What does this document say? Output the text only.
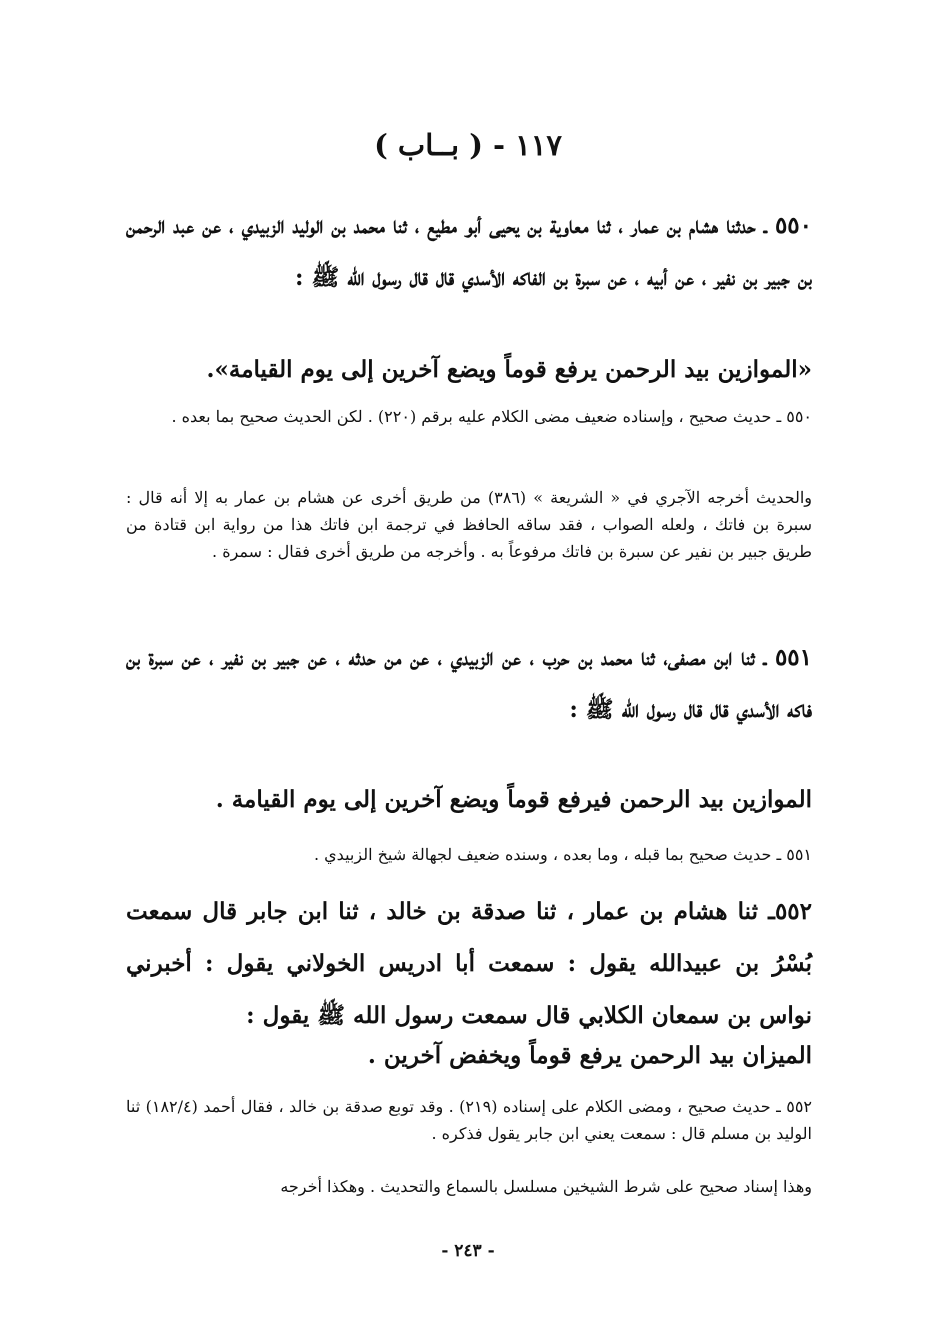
١١٧ - ( بــاب )
٥٥٠ ـ حدثنا هشام بن عمار ، ثنا معاوية بن يحيى أبو مطيع ، ثنا محمد بن الوليد الزبيدي ، عن عبد الرحمن بن جبير بن نفير ، عن أبيه ، عن سبرة بن الفاكه الأسدي قال قال رسول الله ﷺ :
«الموازين بيد الرحمن يرفع قوماً ويضع آخرين إلى يوم القيامة».
٥٥٠ ـ حديث صحيح ، وإسناده ضعيف مضى الكلام عليه برقم (٢٢٠) . لكن الحديث صحيح بما بعده .
والحديث أخرجه الآجري في « الشريعة » (٣٨٦) من طريق أخرى عن هشام بن عمار به إلا أنه قال : سبرة بن فاتك ، ولعله الصواب ، فقد ساقه الحافظ في ترجمة ابن فاتك هذا من رواية ابن قتادة من طريق جبير بن نفير عن سبرة بن فاتك مرفوعاً به . وأخرجه من طريق أخرى فقال : سمرة .
٥٥١ ـ ثنا ابن مصفى، ثنا محمد بن حرب ، عن الزبيدي ، عن من حدثه ، عن جبير بن نفير ، عن سبرة بن فاكه الأسدي قال قال رسول الله ﷺ :
الموازين بيد الرحمن فيرفع قوماً ويضع آخرين إلى يوم القيامة .
٥٥١ ـ حديث صحيح بما قبله ، وما بعده ، وسنده ضعيف لجهالة شيخ الزبيدي .
٥٥٢ـ ثنا هشام بن عمار ، ثنا صدقة بن خالد ، ثنا ابن جابر قال سمعت بُسْرُ بن عبيدالله يقول : سمعت أبا ادريس الخولاني يقول : أخبرني نواس بن سمعان الكلابي قال سمعت رسول الله ﷺ يقول :
الميزان بيد الرحمن يرفع قوماً ويخفض آخرين .
٥٥٢ ـ حديث صحيح ، ومضى الكلام على إسناده (٢١٩) . وقد توبع صدقة بن خالد ، فقال أحمد (١٨٢/٤) ثنا الوليد بن مسلم قال : سمعت يعني ابن جابر يقول فذكره .
وهذا إسناد صحيح على شرط الشيخين مسلسل بالسماع والتحديث . وهكذا أخرجه
- ٢٤٣ -
